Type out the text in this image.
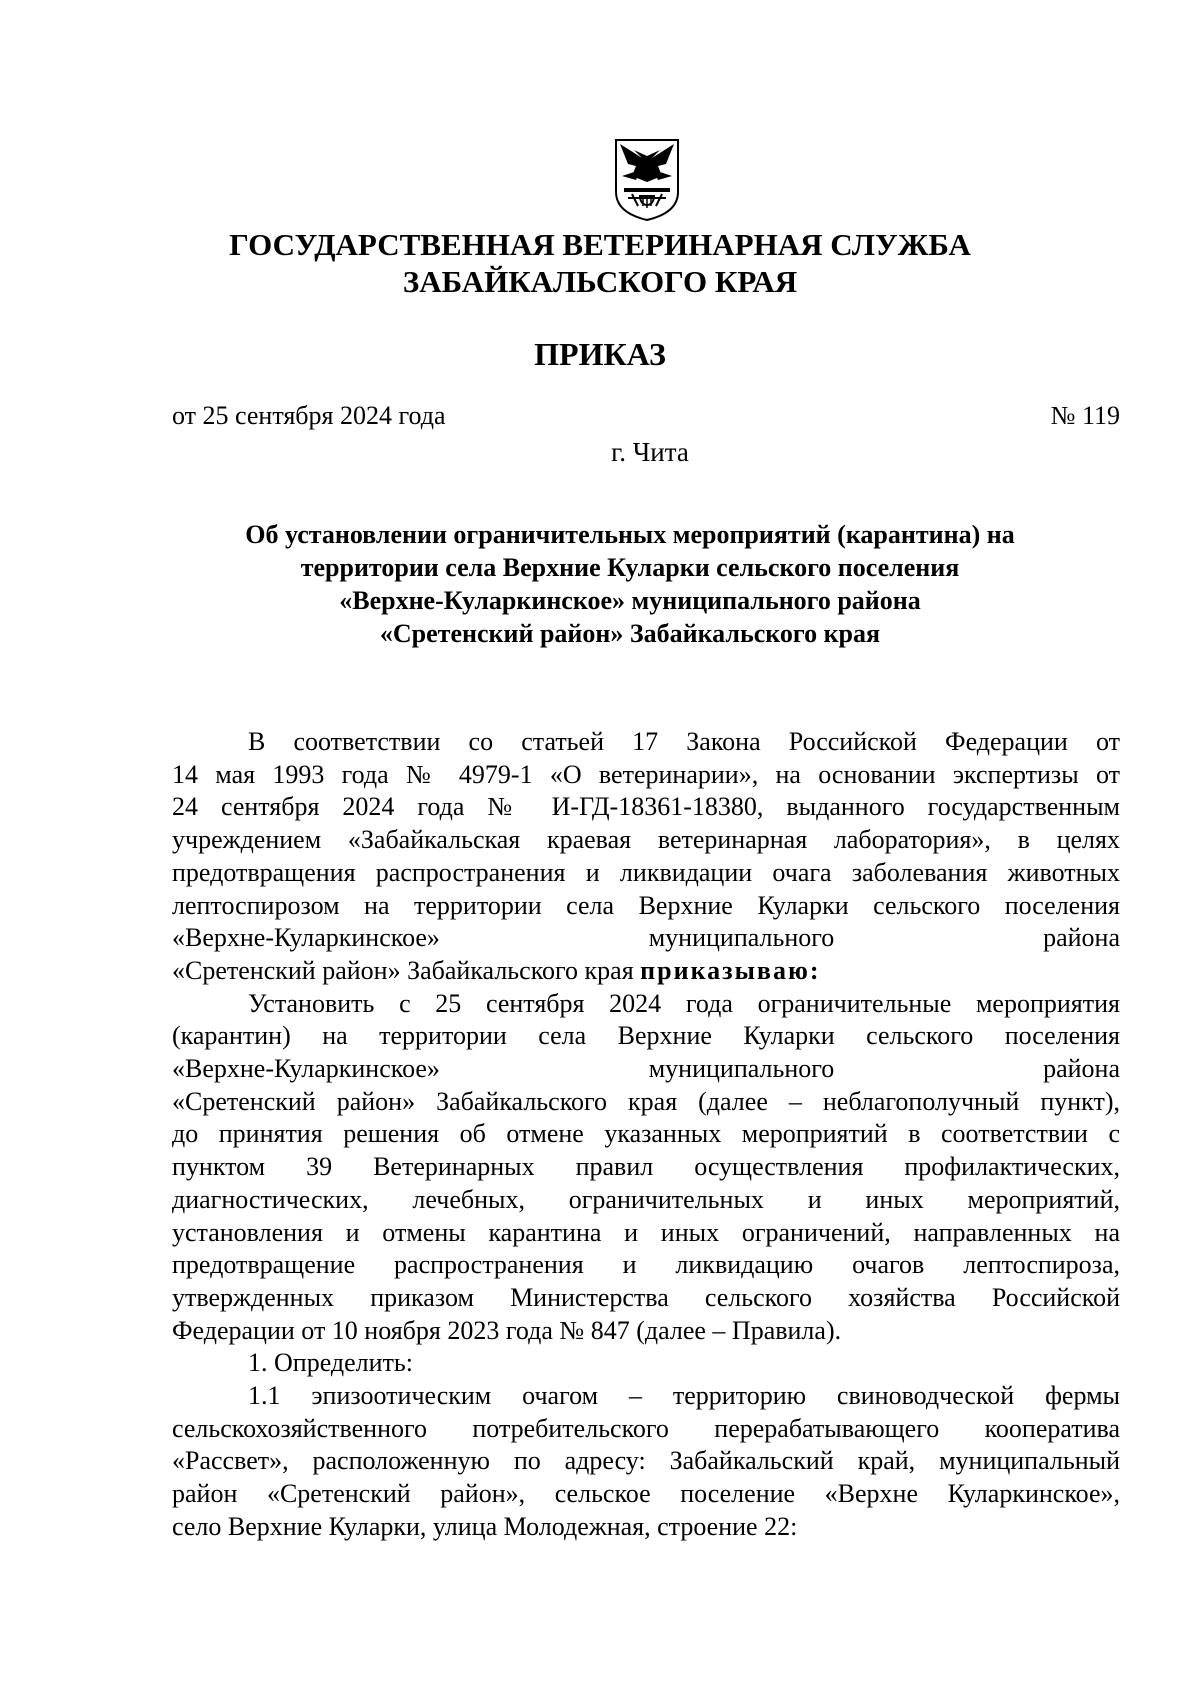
ГОСУДАРСТВЕННАЯ ВЕТЕРИНАРНАЯ СЛУЖБА
ЗАБАЙКАЛЬСКОГО КРАЯ
ПРИКАЗ
от 25 сентября 2024 года	№ 119
г. Чита
Об установлении ограничительных мероприятий (карантина) на
территории села Верхние Куларки сельского поселения
«Верхне-Куларкинское» муниципального района
«Сретенский район» Забайкальского края
В соответствии со статьей 17 Закона Российской Федерации от
14 мая 1993 года № 4979-1 «О ветеринарии», на основании экспертизы от
24 сентября 2024 года № И-ГД-18361-18380, выданного государственным
учреждением «Забайкальская краевая ветеринарная лаборатория», в целях
предотвращения распространения и ликвидации очага заболевания животных
лептоспирозом на территории села Верхние Куларки сельского поселения
«Верхне-Куларкинское» муниципального района
«Сретенский район» Забайкальского края приказываю:
Установить с 25 сентября 2024 года ограничительные мероприятия
(карантин) на территории села Верхние Куларки сельского поселения
«Верхне-Куларкинское» муниципального района
«Сретенский район» Забайкальского края (далее – неблагополучный пункт),
до принятия решения об отмене указанных мероприятий в соответствии с
пунктом 39 Ветеринарных правил осуществления профилактических,
диагностических, лечебных, ограничительных и иных мероприятий,
установления и отмены карантина и иных ограничений, направленных на
предотвращение распространения и ликвидацию очагов лептоспироза,
утвержденных приказом Министерства сельского хозяйства Российской
Федерации от 10 ноября 2023 года № 847 (далее – Правила).
1. Определить:
1.1 эпизоотическим очагом – территорию свиноводческой фермы
сельскохозяйственного потребительского перерабатывающего кооператива
«Рассвет», расположенную по адресу: Забайкальский край, муниципальный
район «Сретенский район», сельское поселение «Верхне Куларкинское»,
село Верхние Куларки, улица Молодежная, строение 22:
